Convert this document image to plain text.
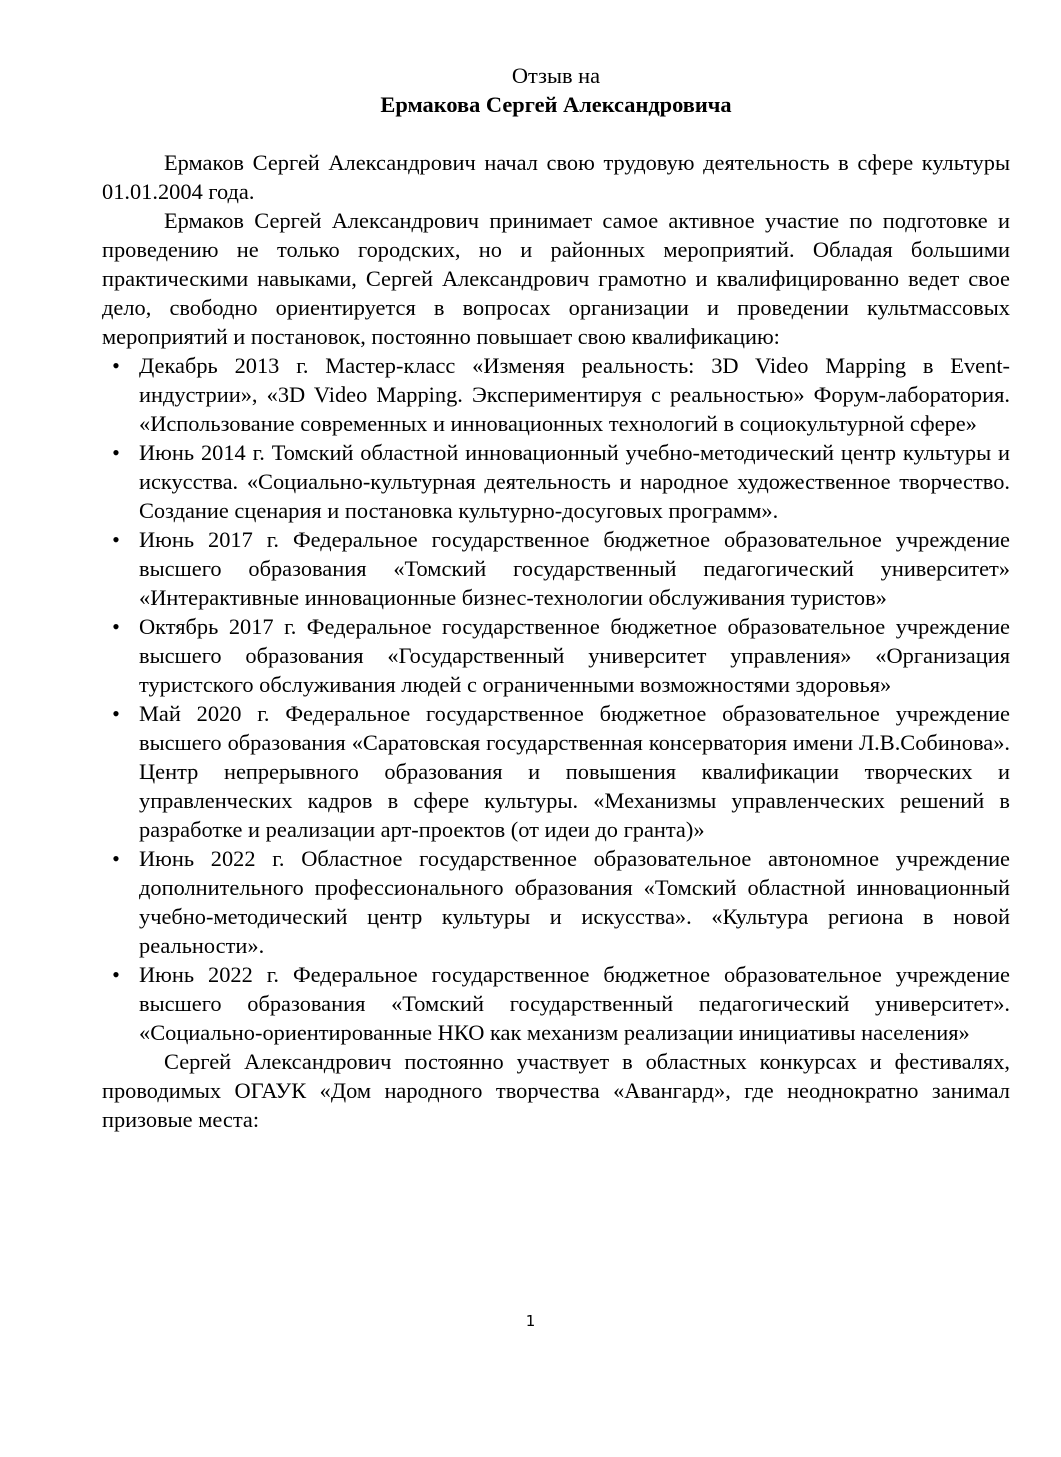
Отзыв на

Ермакова Сергей Александровича

Ермаков Сергей Александрович начал свою трудовую деятельность в сфере культуры 01.01.2004 года.

Ермаков Сергей Александрович принимает самое активное участие по подготовке и проведению не только городских, но и районных мероприятий. Обладая большими практическими навыками, Сергей Александрович грамотно и квалифицированно ведет свое дело, свободно ориентируется в вопросах организации и проведении культмассовых мероприятий и постановок, постоянно повышает свою квалификацию:

• Декабрь 2013 г. Мастер-класс «Изменяя реальность: 3D Video Mapping в Event-индустрии», «3D Video Mapping. Экспериментируя с реальностью» Форум-лаборатория. «Использование современных и инновационных технологий в социокультурной сфере»
• Июнь 2014 г. Томский областной инновационный учебно-методический центр культуры и искусства. «Социально-культурная деятельность и народное художественное творчество. Создание сценария и постановка культурно-досуговых программ».
• Июнь 2017 г. Федеральное государственное бюджетное образовательное учреждение высшего образования «Томский государственный педагогический университет» «Интерактивные инновационные бизнес-технологии обслуживания туристов»
• Октябрь 2017 г. Федеральное государственное бюджетное образовательное учреждение высшего образования «Государственный университет управления» «Организация туристского обслуживания людей с ограниченными возможностями здоровья»
• Май 2020 г. Федеральное государственное бюджетное образовательное учреждение высшего образования «Саратовская государственная консерватория имени Л.В.Собинова». Центр непрерывного образования и повышения квалификации творческих и управленческих кадров в сфере культуры. «Механизмы управленческих решений в разработке и реализации арт-проектов (от идеи до гранта)»
• Июнь 2022 г. Областное государственное образовательное автономное учреждение дополнительного профессионального образования «Томский областной инновационный учебно-методический центр культуры и искусства». «Культура региона в новой реальности».
• Июнь 2022 г. Федеральное государственное бюджетное образовательное учреждение высшего образования «Томский государственный педагогический университет». «Социально-ориентированные НКО как механизм реализации инициативы населения»

Сергей Александрович постоянно участвует в областных конкурсах и фестивалях, проводимых ОГАУК «Дом народного творчества «Авангард», где неоднократно занимал призовые места:

1
